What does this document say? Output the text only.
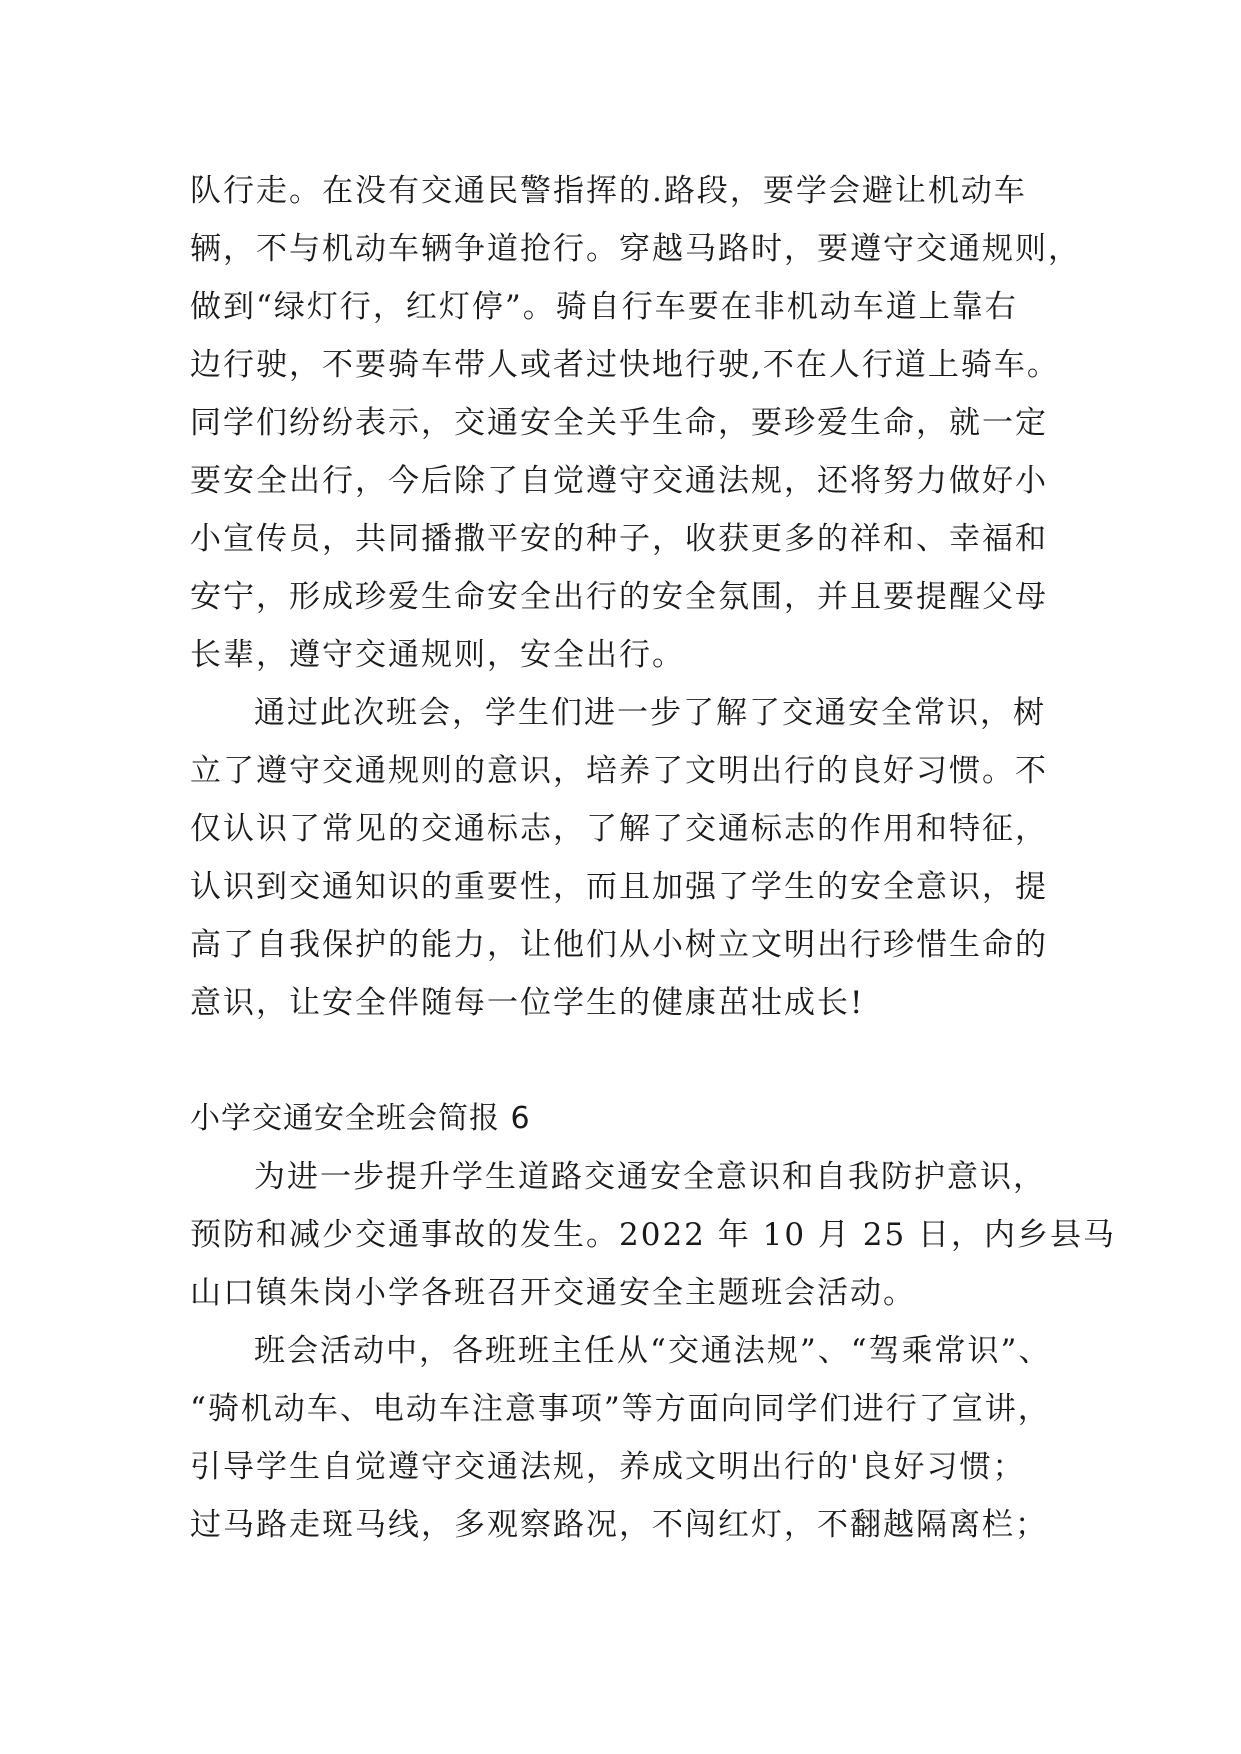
队行走。在没有交通民警指挥的.路段，要学会避让机动车
辆，不与机动车辆争道抢行。穿越马路时，要遵守交通规则，
做到“绿灯行，红灯停”。骑自行车要在非机动车道上靠右
边行驶，不要骑车带人或者过快地行驶,不在人行道上骑车。
同学们纷纷表示，交通安全关乎生命，要珍爱生命，就一定
要安全出行，今后除了自觉遵守交通法规，还将努力做好小
小宣传员，共同播撒平安的种子，收获更多的祥和、幸福和
安宁，形成珍爱生命安全出行的安全氛围，并且要提醒父母
长辈，遵守交通规则，安全出行。
通过此次班会，学生们进一步了解了交通安全常识，树
立了遵守交通规则的意识，培养了文明出行的良好习惯。不
仅认识了常见的交通标志，了解了交通标志的作用和特征，
认识到交通知识的重要性，而且加强了学生的安全意识，提
高了自我保护的能力，让他们从小树立文明出行珍惜生命的
意识，让安全伴随每一位学生的健康茁壮成长!
小学交通安全班会简报 6
为进一步提升学生道路交通安全意识和自我防护意识，
预防和减少交通事故的发生。2022 年 10 月 25 日，内乡县马
山口镇朱岗小学各班召开交通安全主题班会活动。
班会活动中，各班班主任从“交通法规”、“驾乘常识”、
“骑机动车、电动车注意事项”等方面向同学们进行了宣讲，
引导学生自觉遵守交通法规，养成文明出行的'良好习惯；
过马路走斑马线，多观察路况，不闯红灯，不翻越隔离栏；
